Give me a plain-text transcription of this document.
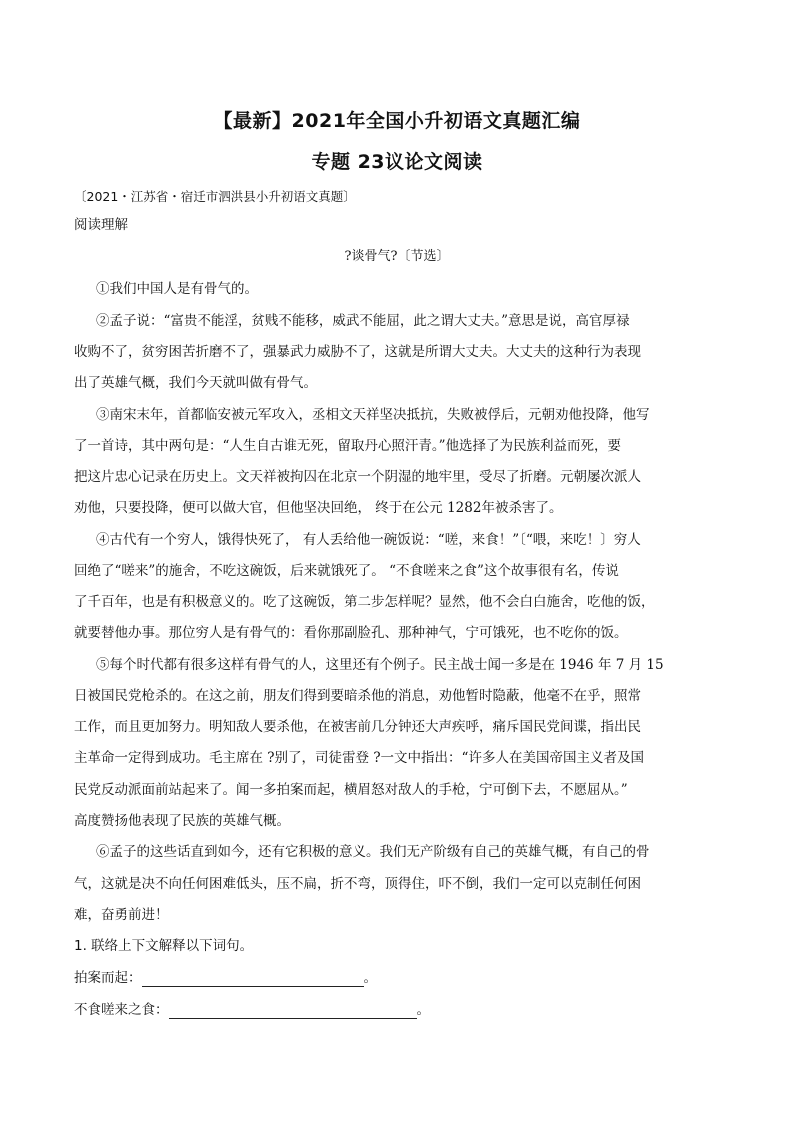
【最新】2021年全国小升初语文真题汇编
专题 23议论文阅读
〔2021・江苏省・宿迁市泗洪县小升初语文真题〕
阅读理解
?谈骨气?〔节选〕
①我们中国人是有骨气的。
②孟子说：“富贵不能淫，贫贱不能移，威武不能屈，此之谓大丈夫。”意思是说，高官厚禄
收购不了，贫穷困苦折磨不了，强暴武力威胁不了，这就是所谓大丈夫。大丈夫的这种行为表现
出了英雄气概，我们今天就叫做有骨气。
③南宋末年，首都临安被元军攻入，丞相文天祥坚决抵抗，失败被俘后，元朝劝他投降，他写
了一首诗，其中两句是：“人生自古谁无死，留取丹心照汗青。”他选择了为民族利益而死，要
把这片忠心记录在历史上。文天祥被拘囚在北京一个阴湿的地牢里，受尽了折磨。元朝屡次派人
劝他，只要投降，便可以做大官，但他坚决回绝， 终于在公元 1282年被杀害了。
④古代有一个穷人，饿得快死了， 有人丢给他一碗饭说：“嗟，来食！”〔“喂，来吃！〕穷人
回绝了“嗟来”的施舍，不吃这碗饭，后来就饿死了。 “不食嗟来之食”这个故事很有名，传说
了千百年，也是有积极意义的。吃了这碗饭，第二步怎样呢？显然，他不会白白施舍，吃他的饭，
就要替他办事。那位穷人是有骨气的：看你那副脸孔、那种神气，宁可饿死，也不吃你的饭。
⑤每个时代都有很多这样有骨气的人，这里还有个例子。民主战士闻一多是在 1946 年 7 月 15
日被国民党枪杀的。在这之前，朋友们得到要暗杀他的消息，劝他暂时隐蔽，他毫不在乎，照常
工作，而且更加努力。明知敌人要杀他，在被害前几分钟还大声疾呼，痛斥国民党间谍，指出民
主革命一定得到成功。毛主席在 ?别了，司徒雷登 ?一文中指出：“许多人在美国帝国主义者及国
民党反动派面前站起来了。闻一多拍案而起，横眉怒对敌人的手枪，宁可倒下去，不愿屈从。”
高度赞扬他表现了民族的英雄气概。
⑥孟子的这些话直到如今，还有它积极的意义。我们无产阶级有自己的英雄气概，有自己的骨
气，这就是决不向任何困难低头，压不扁，折不弯，顶得住，吓不倒，我们一定可以克制任何困
难，奋勇前进！
1. 联络上下文解释以下词句。
拍案而起：	。
不食嗟来之食：	。
